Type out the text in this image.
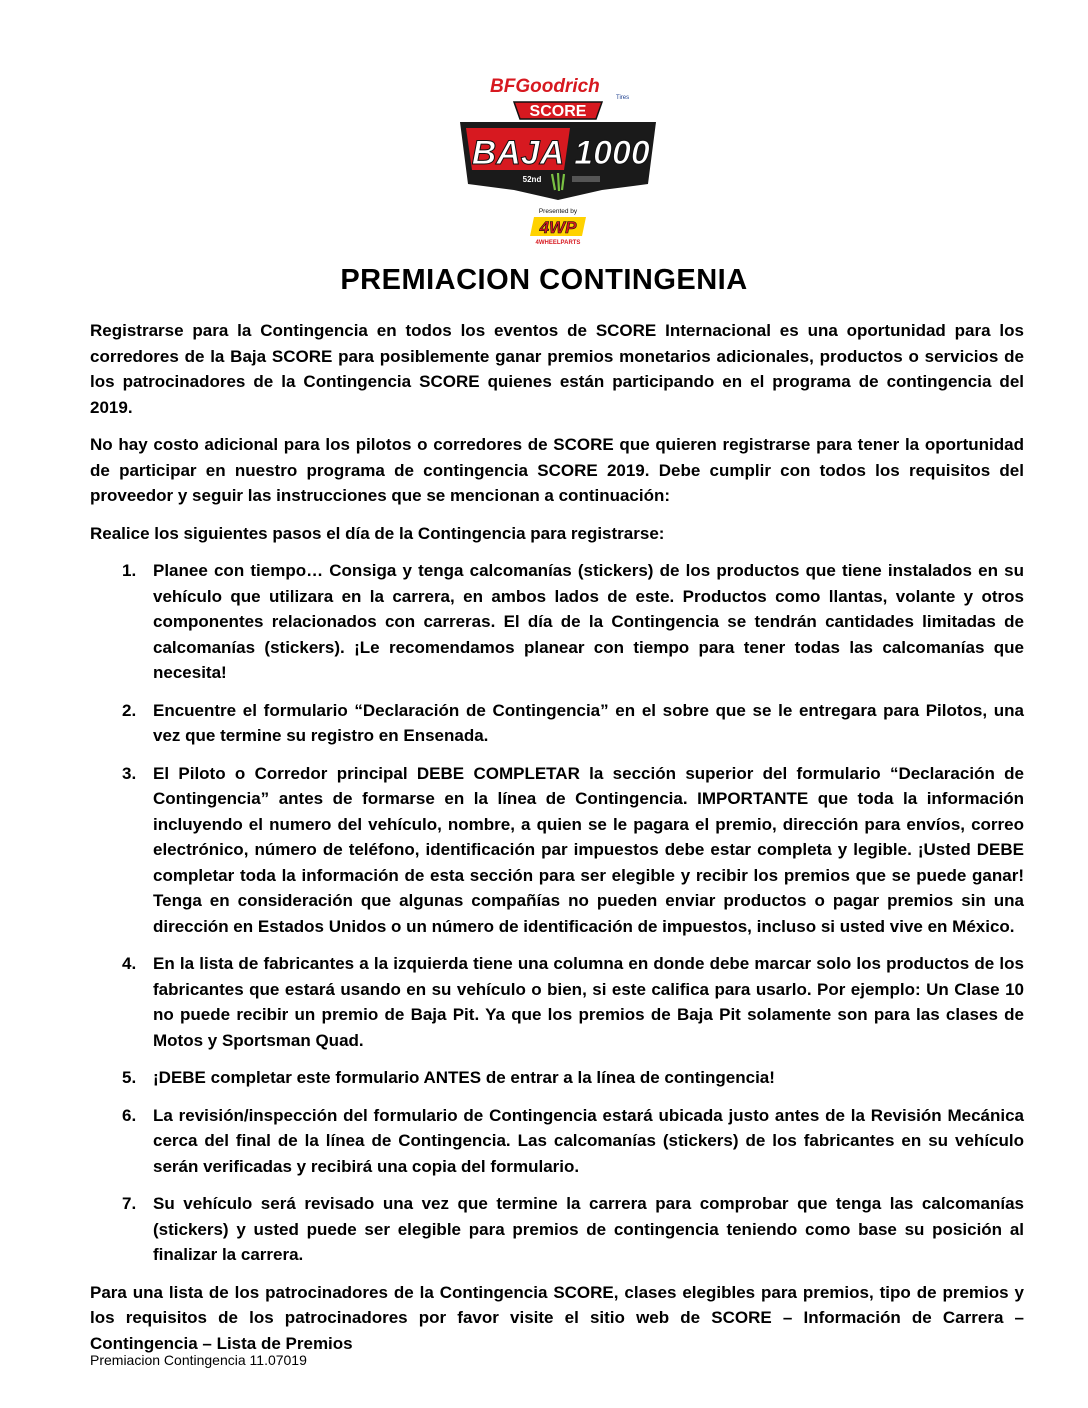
BFGoodrich
Tires
SCORE
BAJA 1000
52nd
Presented by
4WP
4WHEELPARTS
PREMIACION CONTINGENIA

Registrarse para la Contingencia en todos los eventos de SCORE Internacional es una oportunidad para los corredores de la Baja SCORE para posiblemente ganar premios monetarios adicionales, productos o servicios de los patrocinadores de la Contingencia SCORE quienes están participando en el programa de contingencia del 2019.

No hay costo adicional para los pilotos o corredores de SCORE que quieren registrarse para tener la oportunidad de participar en nuestro programa de contingencia SCORE 2019. Debe cumplir con todos los requisitos del proveedor y seguir las instrucciones que se mencionan a continuación:

Realice los siguientes pasos el día de la Contingencia para registrarse:

1. Planee con tiempo… Consiga y tenga calcomanías (stickers) de los productos que tiene instalados en su vehículo que utilizara en la carrera, en ambos lados de este. Productos como llantas, volante y otros componentes relacionados con carreras. El día de la Contingencia se tendrán cantidades limitadas de calcomanías (stickers). ¡Le recomendamos planear con tiempo para tener todas las calcomanías que necesita!
2. Encuentre el formulario “Declaración de Contingencia” en el sobre que se le entregara para Pilotos, una vez que termine su registro en Ensenada.
3. El Piloto o Corredor principal DEBE COMPLETAR la sección superior del formulario “Declaración de Contingencia” antes de formarse en la línea de Contingencia. IMPORTANTE que toda la información incluyendo el numero del vehículo, nombre, a quien se le pagara el premio, dirección para envíos, correo electrónico, número de teléfono, identificación par impuestos debe estar completa y legible. ¡Usted DEBE completar toda la información de esta sección para ser elegible y recibir los premios que se puede ganar! Tenga en consideración que algunas compañías no pueden enviar productos o pagar premios sin una dirección en Estados Unidos o un número de identificación de impuestos, incluso si usted vive en México.
4. En la lista de fabricantes a la izquierda tiene una columna en donde debe marcar solo los productos de los fabricantes que estará usando en su vehículo o bien, si este califica para usarlo. Por ejemplo: Un Clase 10 no puede recibir un premio de Baja Pit. Ya que los premios de Baja Pit solamente son para las clases de Motos y Sportsman Quad.
5. ¡DEBE completar este formulario ANTES de entrar a la línea de contingencia!
6. La revisión/inspección del formulario de Contingencia estará ubicada justo antes de la Revisión Mecánica cerca del final de la línea de Contingencia. Las calcomanías (stickers) de los fabricantes en su vehículo serán verificadas y recibirá una copia del formulario.
7. Su vehículo será revisado una vez que termine la carrera para comprobar que tenga las calcomanías (stickers) y usted puede ser elegible para premios de contingencia teniendo como base su posición al finalizar la carrera.

Para una lista de los patrocinadores de la Contingencia SCORE, clases elegibles para premios, tipo de premios y los requisitos de los patrocinadores por favor visite el sitio web de SCORE – Información de Carrera – Contingencia – Lista de Premios

Premiacion Contingencia 11.07019
